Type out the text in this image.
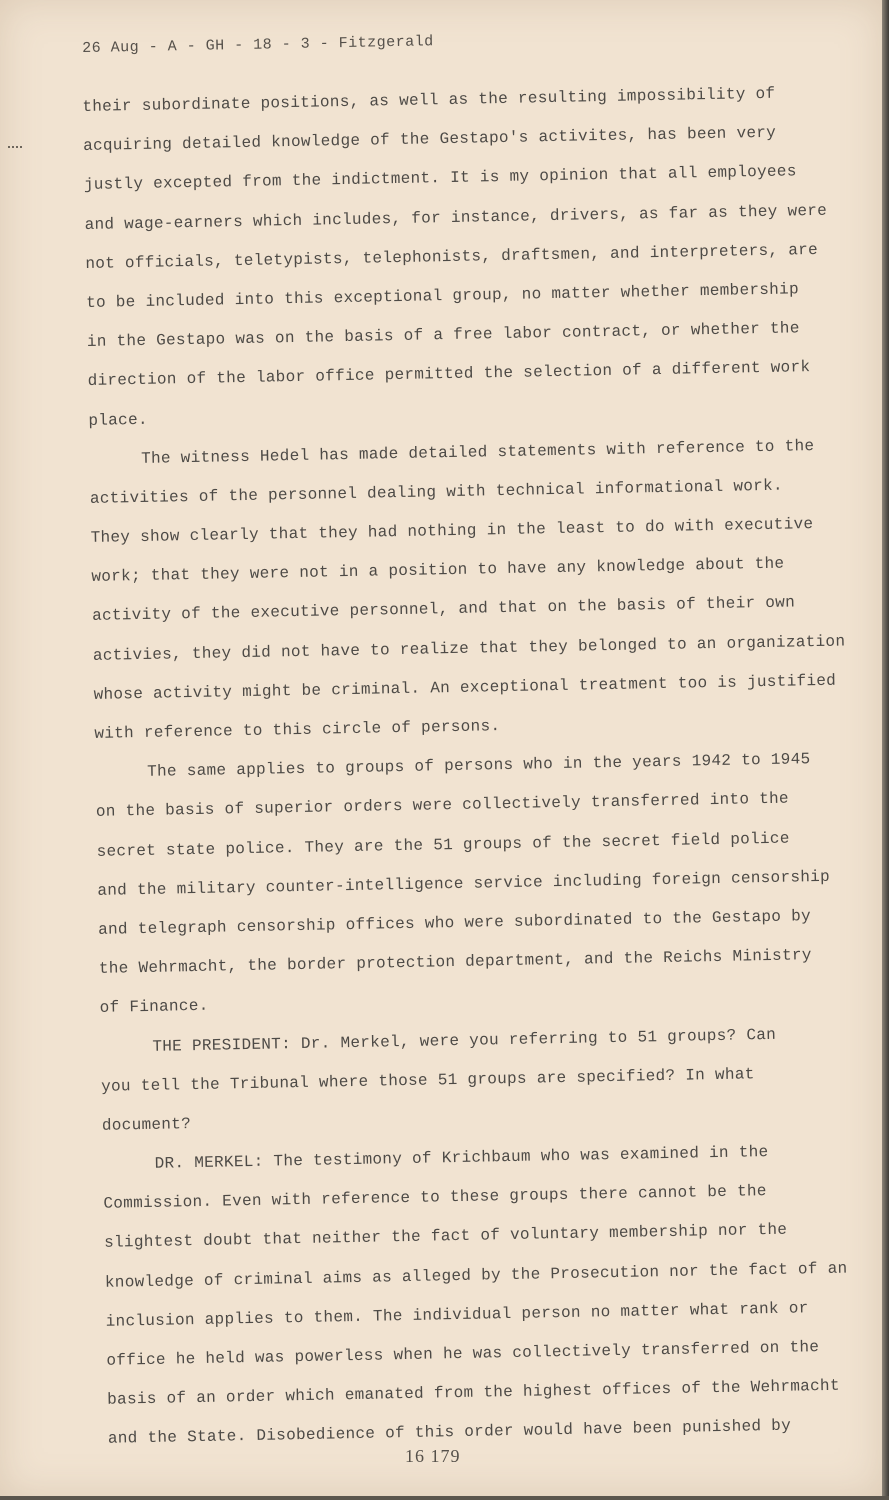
26 Aug - A - GH - 18 - 3 - Fitzgerald
their subordinate positions, as well as the resulting impossibility of
acquiring detailed knowledge of the Gestapo's activites, has been very
justly excepted from the indictment. It is my opinion that all employees
and wage-earners which includes, for instance, drivers, as far as they were
not officials, teletypists, telephonists, draftsmen, and interpreters, are
to be included into this exceptional group, no matter whether membership
in the Gestapo was on the basis of a free labor contract, or whether the
direction of the labor office permitted the selection of a different work
place.
The witness Hedel has made detailed statements with reference to the
activities of the personnel dealing with technical informational work.
They show clearly that they had nothing in the least to do with executive
work; that they were not in a position to have any knowledge about the
activity of the executive personnel, and that on the basis of their own
activies, they did not have to realize that they belonged to an organization
whose activity might be criminal. An exceptional treatment too is justified
with reference to this circle of persons.
The same applies to groups of persons who in the years 1942 to 1945
on the basis of superior orders were collectively transferred into the
secret state police. They are the 51 groups of the secret field police
and the military counter-intelligence service including foreign censorship
and telegraph censorship offices who were subordinated to the Gestapo by
the Wehrmacht, the border protection department, and the Reichs Ministry
of Finance.
THE PRESIDENT: Dr. Merkel, were you referring to 51 groups? Can
you tell the Tribunal where those 51 groups are specified? In what
document?
DR. MERKEL: The testimony of Krichbaum who was examined in the
Commission. Even with reference to these groups there cannot be the
slightest doubt that neither the fact of voluntary membership nor the
knowledge of criminal aims as alleged by the Prosecution nor the fact of an
inclusion applies to them. The individual person no matter what rank or
office he held was powerless when he was collectively transferred on the
basis of an order which emanated from the highest offices of the Wehrmacht
and the State. Disobedience of this order would have been punished by
16 179
